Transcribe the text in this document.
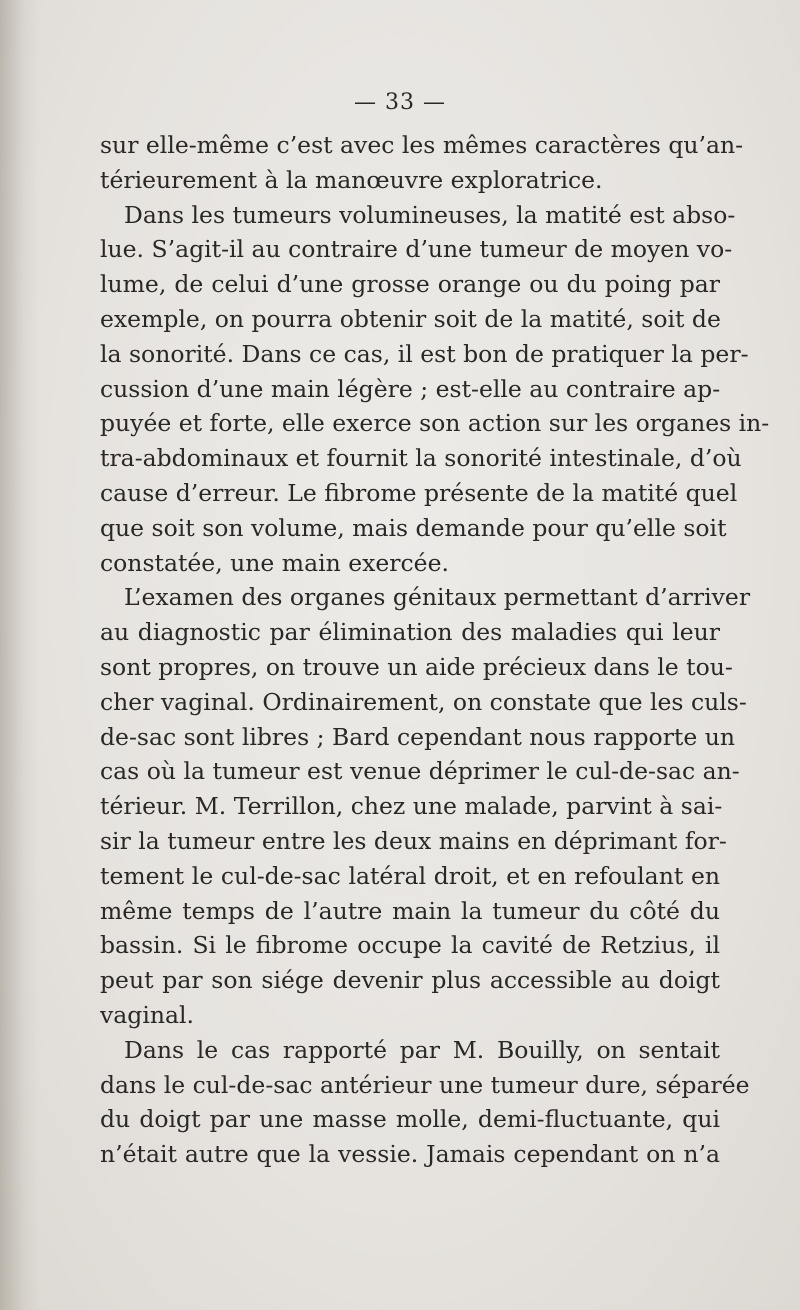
— 33 —

sur elle-même c’est avec les mêmes caractères qu’an-
térieurement à la manœuvre exploratrice.

Dans les tumeurs volumineuses, la matité est abso-
lue. S’agit-il au contraire d’une tumeur de moyen vo-
lume, de celui d’une grosse orange ou du poing par
exemple, on pourra obtenir soit de la matité, soit de
la sonorité. Dans ce cas, il est bon de pratiquer la per-
cussion d’une main légère ; est-elle au contraire ap-
puyée et forte, elle exerce son action sur les organes in-
tra-abdominaux et fournit la sonorité intestinale, d’où
cause d’erreur. Le fibrome présente de la matité quel
que soit son volume, mais demande pour qu’elle soit
constatée, une main exercée.

L’examen des organes génitaux permettant d’arriver
au diagnostic par élimination des maladies qui leur
sont propres, on trouve un aide précieux dans le tou-
cher vaginal. Ordinairement, on constate que les culs-
de-sac sont libres ; Bard cependant nous rapporte un
cas où la tumeur est venue déprimer le cul-de-sac an-
térieur. M. Terrillon, chez une malade, parvint à sai-
sir la tumeur entre les deux mains en déprimant for-
tement le cul-de-sac latéral droit, et en refoulant en
même temps de l’autre main la tumeur du côté du
bassin. Si le fibrome occupe la cavité de Retzius, il
peut par son siége devenir plus accessible au doigt
vaginal.

Dans le cas rapporté par M. Bouilly, on sentait
dans le cul-de-sac antérieur une tumeur dure, séparée
du doigt par une masse molle, demi-fluctuante, qui
n’était autre que la vessie. Jamais cependant on n’a
